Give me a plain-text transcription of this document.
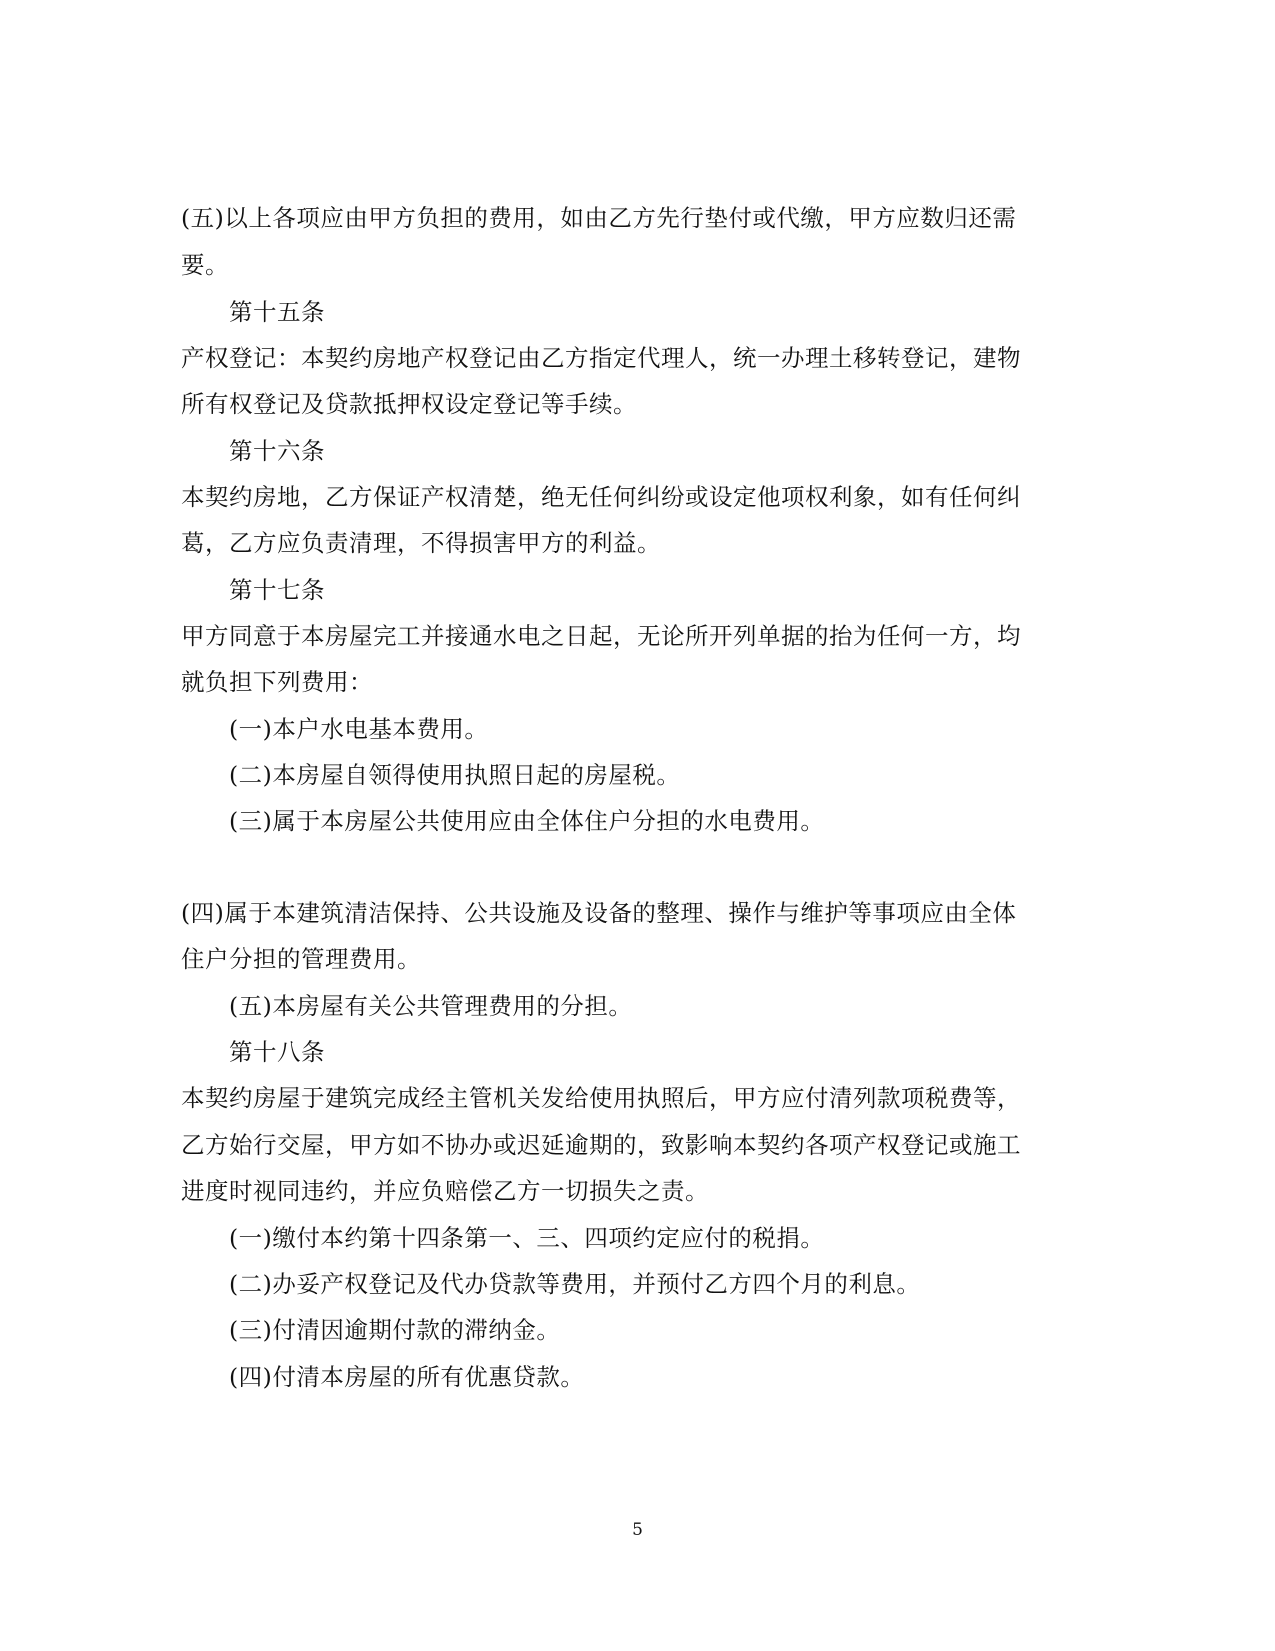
(五)以上各项应由甲方负担的费用，如由乙方先行垫付或代缴，甲方应数归还需

要。

第十五条

产权登记：本契约房地产权登记由乙方指定代理人，统一办理土移转登记，建物

所有权登记及贷款抵押权设定登记等手续。

第十六条

本契约房地，乙方保证产权清楚，绝无任何纠纷或设定他项权利象，如有任何纠

葛，乙方应负责清理，不得损害甲方的利益。

第十七条

甲方同意于本房屋完工并接通水电之日起，无论所开列单据的抬为任何一方，均

就负担下列费用：

(一)本户水电基本费用。

(二)本房屋自领得使用执照日起的房屋税。

(三)属于本房屋公共使用应由全体住户分担的水电费用。

(四)属于本建筑清洁保持、公共设施及设备的整理、操作与维护等事项应由全体

住户分担的管理费用。

(五)本房屋有关公共管理费用的分担。

第十八条

本契约房屋于建筑完成经主管机关发给使用执照后，甲方应付清列款项税费等，

乙方始行交屋，甲方如不协办或迟延逾期的，致影响本契约各项产权登记或施工

进度时视同违约，并应负赔偿乙方一切损失之责。

(一)缴付本约第十四条第一、三、四项约定应付的税捐。

(二)办妥产权登记及代办贷款等费用，并预付乙方四个月的利息。

(三)付清因逾期付款的滞纳金。

(四)付清本房屋的所有优惠贷款。

5
